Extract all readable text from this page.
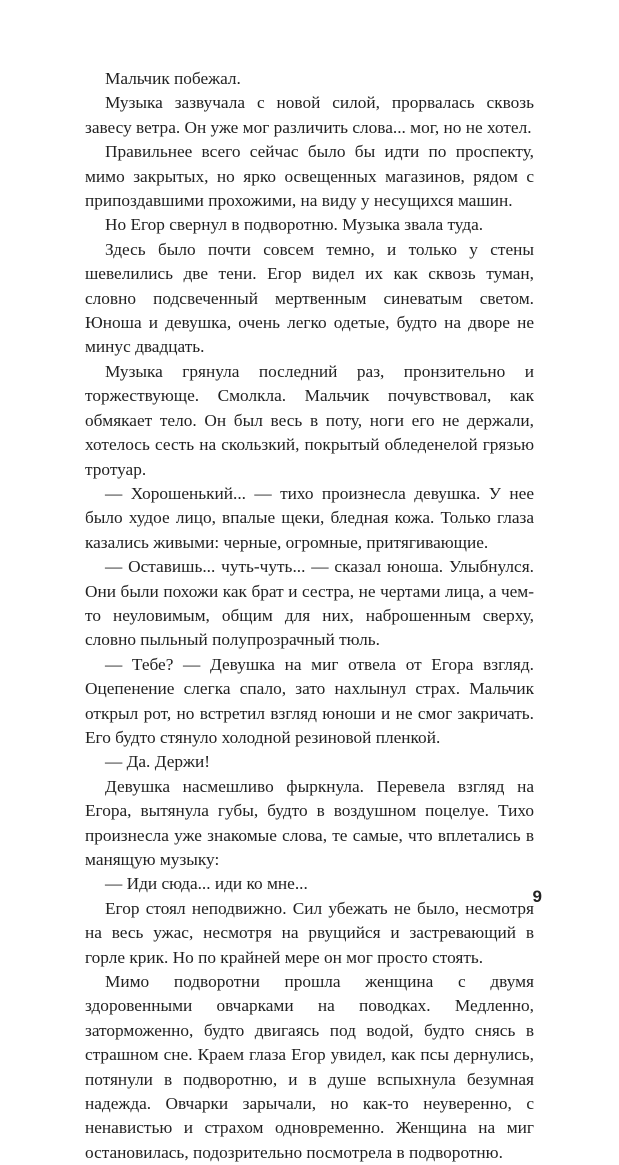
Мальчик побежал.

Музыка зазвучала с новой силой, прорвалась сквозь завесу ветра. Он уже мог различить слова... мог, но не хотел.

Правильнее всего сейчас было бы идти по проспекту, мимо закрытых, но ярко освещенных магазинов, рядом с припоздавшими прохожими, на виду у несущихся машин.

Но Егор свернул в подворотню. Музыка звала туда.

Здесь было почти совсем темно, и только у стены шевелились две тени. Егор видел их как сквозь туман, словно подсвеченный мертвенным синеватым светом. Юноша и девушка, очень легко одетые, будто на дворе не минус двадцать.

Музыка грянула последний раз, пронзительно и торжествующе. Смолкла. Мальчик почувствовал, как обмякает тело. Он был весь в поту, ноги его не держали, хотелось сесть на скользкий, покрытый обледенелой грязью тротуар.

— Хорошенький... — тихо произнесла девушка. У нее было худое лицо, впалые щеки, бледная кожа. Только глаза казались живыми: черные, огромные, притягивающие.

— Оставишь... чуть-чуть... — сказал юноша. Улыбнулся. Они были похожи как брат и сестра, не чертами лица, а чем-то неуловимым, общим для них, наброшенным сверху, словно пыльный полупрозрачный тюль.

— Тебе? — Девушка на миг отвела от Егора взгляд. Оцепенение слегка спало, зато нахлынул страх. Мальчик открыл рот, но встретил взгляд юноши и не смог закричать. Его будто стянуло холодной резиновой пленкой.

— Да. Держи!

Девушка насмешливо фыркнула. Перевела взгляд на Егора, вытянула губы, будто в воздушном поцелуе. Тихо произнесла уже знакомые слова, те самые, что вплетались в манящую музыку:

— Иди сюда... иди ко мне...

Егор стоял неподвижно. Сил убежать не было, несмотря на весь ужас, несмотря на рвущийся и застревающий в горле крик. Но по крайней мере он мог просто стоять.

Мимо подворотни прошла женщина с двумя здоровенными овчарками на поводках. Медленно, заторможенно, будто двигаясь под водой, будто снясь в страшном сне. Краем глаза Егор увидел, как псы дернулись, потянули в подворотню, и в душе вспыхнула безумная надежда. Овчарки зарычали, но как-то неуверенно, с ненавистью и страхом одновременно. Женщина на миг остановилась, подозрительно посмотрела в подворотню.

9
